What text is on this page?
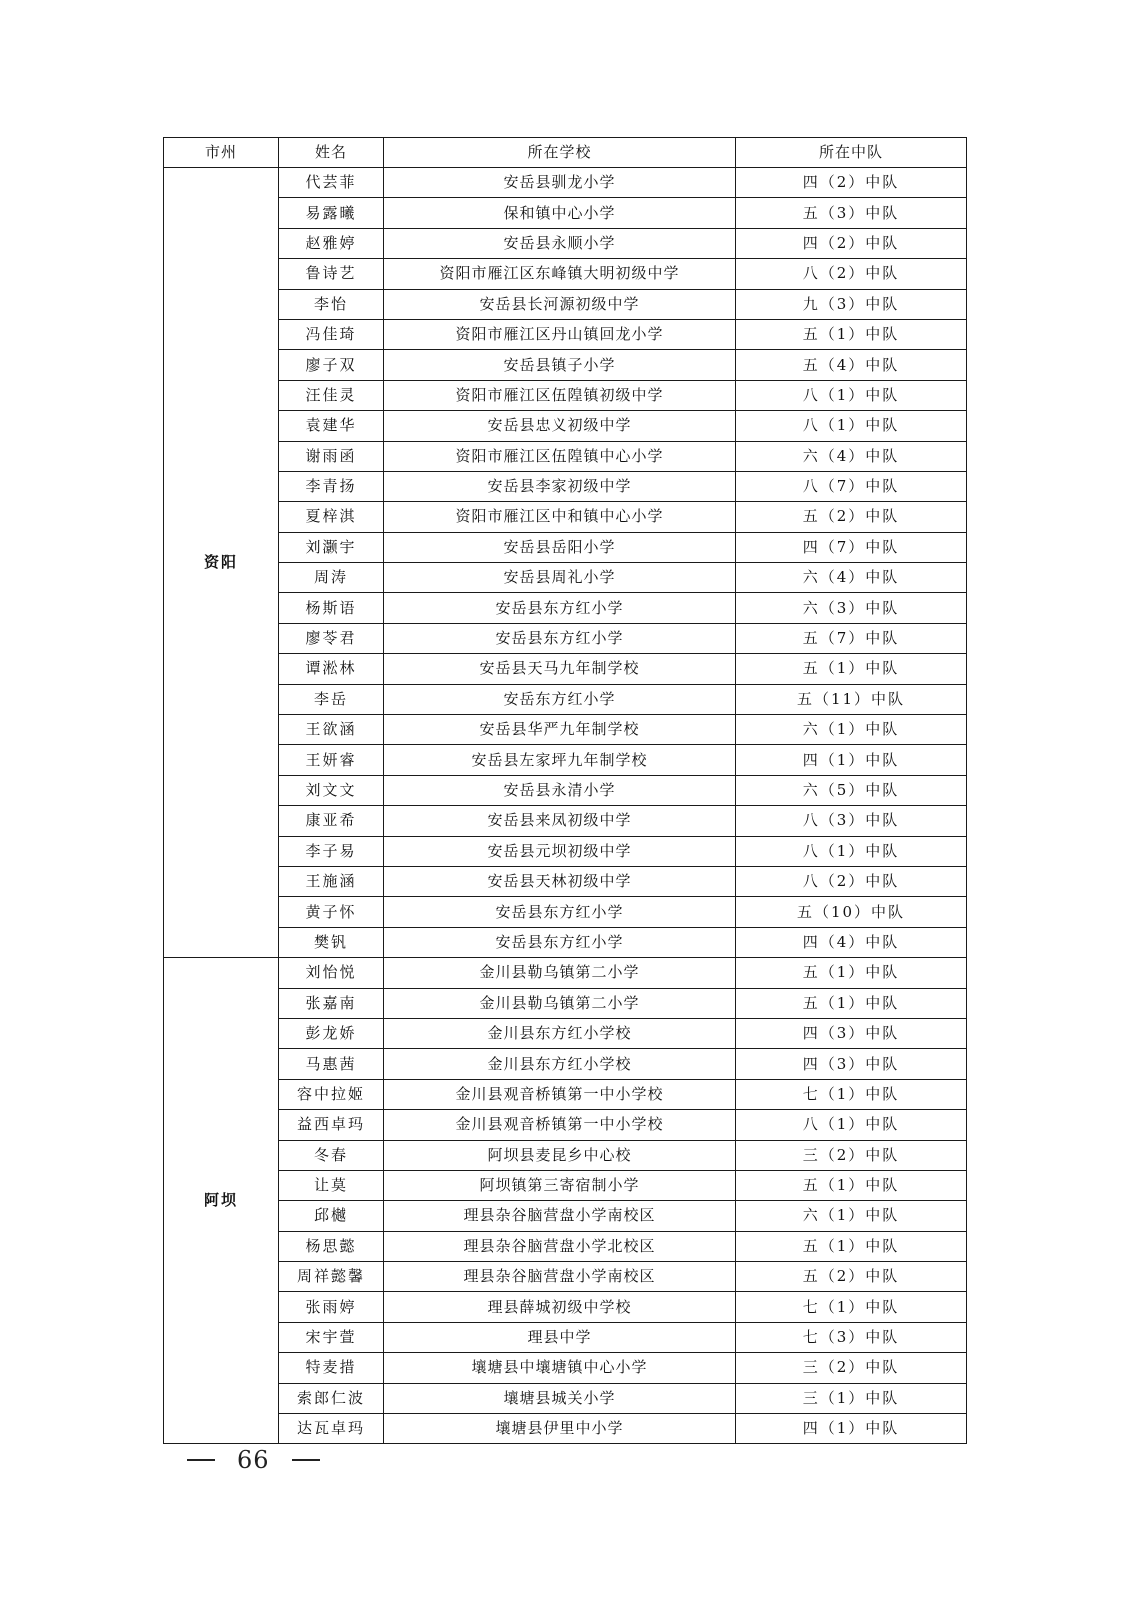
市州	姓名	所在学校	所在中队
资阳	代芸菲	安岳县驯龙小学	四（2）中队
	易露曦	保和镇中心小学	五（3）中队
	赵雅婷	安岳县永顺小学	四（2）中队
	鲁诗艺	资阳市雁江区东峰镇大明初级中学	八（2）中队
	李怡	安岳县长河源初级中学	九（3）中队
	冯佳琦	资阳市雁江区丹山镇回龙小学	五（1）中队
	廖子双	安岳县镇子小学	五（4）中队
	汪佳灵	资阳市雁江区伍隍镇初级中学	八（1）中队
	袁建华	安岳县忠义初级中学	八（1）中队
	谢雨函	资阳市雁江区伍隍镇中心小学	六（4）中队
	李青扬	安岳县李家初级中学	八（7）中队
	夏梓淇	资阳市雁江区中和镇中心小学	五（2）中队
	刘灏宇	安岳县岳阳小学	四（7）中队
	周涛	安岳县周礼小学	六（4）中队
	杨斯语	安岳县东方红小学	六（3）中队
	廖苓君	安岳县东方红小学	五（7）中队
	谭淞林	安岳县天马九年制学校	五（1）中队
	李岳	安岳东方红小学	五（11）中队
	王欲涵	安岳县华严九年制学校	六（1）中队
	王妍睿	安岳县左家坪九年制学校	四（1）中队
	刘文文	安岳县永清小学	六（5）中队
	康亚希	安岳县来凤初级中学	八（3）中队
	李子易	安岳县元坝初级中学	八（1）中队
	王施涵	安岳县天林初级中学	八（2）中队
	黄子怀	安岳县东方红小学	五（10）中队
	樊钒	安岳县东方红小学	四（4）中队
阿坝	刘怡悦	金川县勒乌镇第二小学	五（1）中队
	张嘉南	金川县勒乌镇第二小学	五（1）中队
	彭龙娇	金川县东方红小学校	四（3）中队
	马惠茜	金川县东方红小学校	四（3）中队
	容中拉姬	金川县观音桥镇第一中小学校	七（1）中队
	益西卓玛	金川县观音桥镇第一中小学校	八（1）中队
	冬春	阿坝县麦昆乡中心校	三（2）中队
	让莫	阿坝镇第三寄宿制小学	五（1）中队
	邱樾	理县杂谷脑营盘小学南校区	六（1）中队
	杨思懿	理县杂谷脑营盘小学北校区	五（1）中队
	周祥懿馨	理县杂谷脑营盘小学南校区	五（2）中队
	张雨婷	理县薛城初级中学校	七（1）中队
	宋宇萱	理县中学	七（3）中队
	特麦措	壤塘县中壤塘镇中心小学	三（2）中队
	索郎仁波	壤塘县城关小学	三（1）中队
	达瓦卓玛	壤塘县伊里中小学	四（1）中队
66
